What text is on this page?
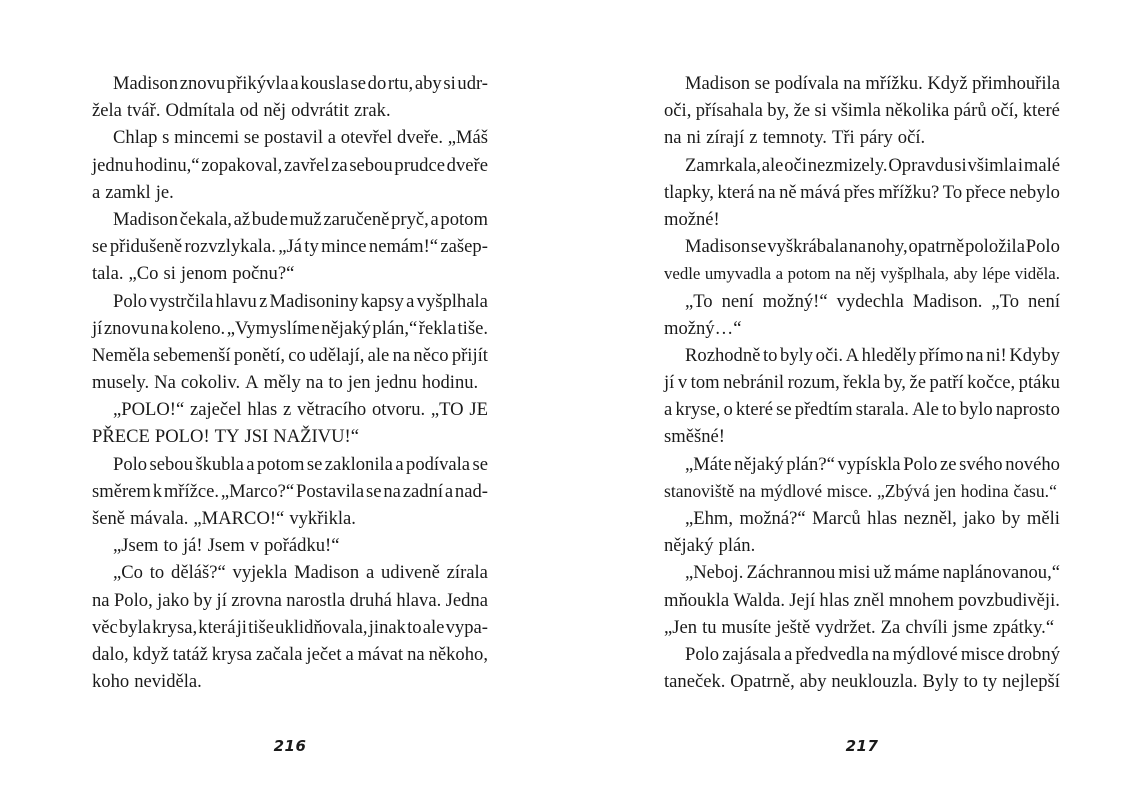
Madison znovu přikývla a kousla se do rtu, aby si udr-
žela tvář. Odmítala od něj odvrátit zrak.
Chlap s mincemi se postavil a otevřel dveře. „Máš
jednu hodinu,“ zopakoval, zavřel za sebou prudce dveře
a zamkl je.
Madison čekala, až bude muž zaručeně pryč, a potom
se přidušeně rozvzlykala. „Já ty mince nemám!“ zašep-
tala. „Co si jenom počnu?“
Polo vystrčila hlavu z Madisoniny kapsy a vyšplhala
jí znovu na koleno. „Vymyslíme nějaký plán,“ řekla tiše.
Neměla sebemenší ponětí, co udělají, ale na něco přijít
musely. Na cokoliv. A měly na to jen jednu hodinu.
„POLO!“ zaječel hlas z větracího otvoru. „TO JE
PŘECE POLO! TY JSI NAŽIVU!“
Polo sebou škubla a potom se zaklonila a podívala se
směrem k mřížce. „Marco?“ Postavila se na zadní a nad-
šeně mávala. „MARCO!“ vykřikla.
„Jsem to já! Jsem v pořádku!“
„Co to děláš?“ vyjekla Madison a udiveně zírala
na Polo, jako by jí zrovna narostla druhá hlava. Jedna
věc byla krysa, která ji tiše uklidňovala, jinak to ale vypa-
dalo, když tatáž krysa začala ječet a mávat na někoho,
koho neviděla.
216
Madison se podívala na mřížku. Když přimhouřila
oči, přísahala by, že si všimla několika párů očí, které
na ni zírají z temnoty. Tři páry očí.
Zamrkala, ale oči nezmizely. Opravdu si všimla i malé
tlapky, která na ně mává přes mřížku? To přece nebylo
možné!
Madison se vyškrábala na nohy, opatrně položila Polo
vedle umyvadla a potom na něj vyšplhala, aby lépe viděla.
„To není možný!“ vydechla Madison. „To není
možný…“
Rozhodně to byly oči. A hleděly přímo na ni! Kdyby
jí v tom nebránil rozum, řekla by, že patří kočce, ptáku
a kryse, o které se předtím starala. Ale to bylo naprosto
směšné!
„Máte nějaký plán?“ vypískla Polo ze svého nového
stanoviště na mýdlové misce. „Zbývá jen hodina času.“
„Ehm, možná?“ Marců hlas nezněl, jako by měli
nějaký plán.
„Neboj. Záchrannou misi už máme naplánovanou,“
mňoukla Walda. Její hlas zněl mnohem povzbudivěji.
„Jen tu musíte ještě vydržet. Za chvíli jsme zpátky.“
Polo zajásala a předvedla na mýdlové misce drobný
taneček. Opatrně, aby neuklouzla. Byly to ty nejlepší
217
